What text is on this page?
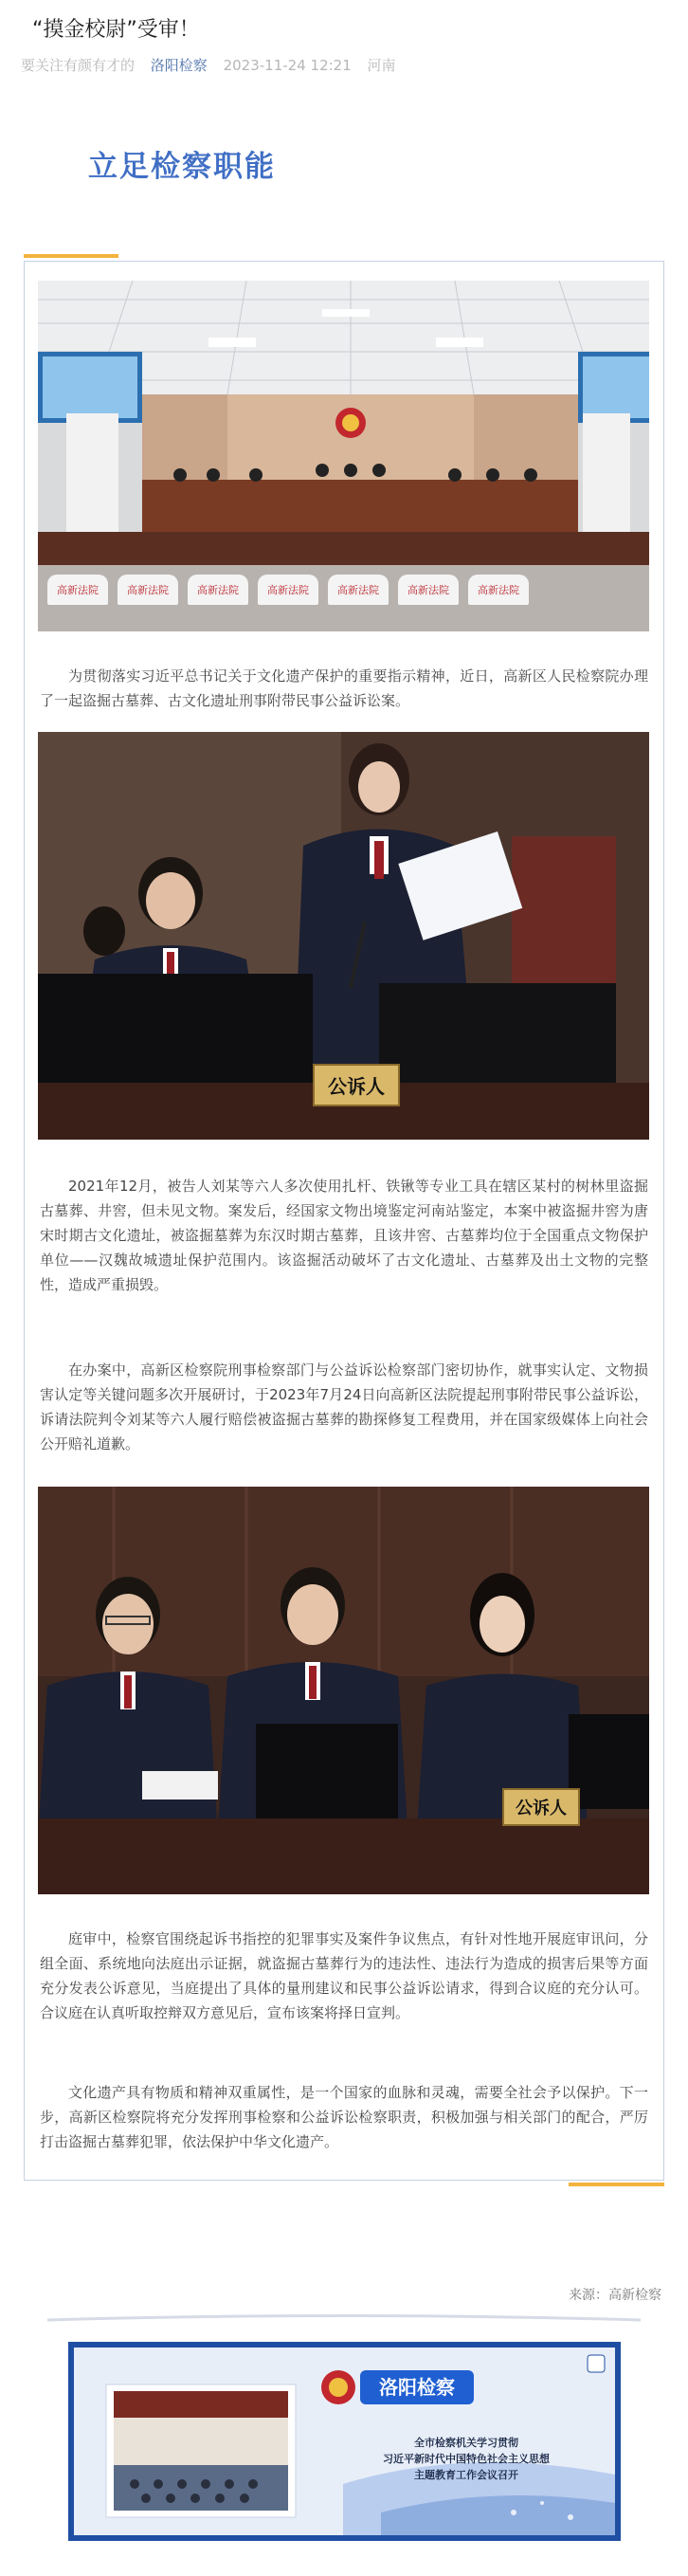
“摸金校尉”受审！
要关注有颜有才的 洛阳检察 2023-11-24 12:21 河南
立足检察职能
高新法院	高新法院	高新法院	高新法院	高新法院	高新法院	高新法院
为贯彻落实习近平总书记关于文化遗产保护的重要指示精神，近日，高新区人民检察院办理了一起盗掘古墓葬、古文化遗址刑事附带民事公益诉讼案。
公诉人
2021年12月，被告人刘某等六人多次使用扎杆、铁锹等专业工具在辖区某村的树林里盗掘古墓葬、井窖，但未见文物。案发后，经国家文物出境鉴定河南站鉴定，本案中被盗掘井窖为唐宋时期古文化遗址，被盗掘墓葬为东汉时期古墓葬，且该井窖、古墓葬均位于全国重点文物保护单位——汉魏故城遗址保护范围内。该盗掘活动破坏了古文化遗址、古墓葬及出土文物的完整性，造成严重损毁。
在办案中，高新区检察院刑事检察部门与公益诉讼检察部门密切协作，就事实认定、文物损害认定等关键问题多次开展研讨，于2023年7月24日向高新区法院提起刑事附带民事公益诉讼，诉请法院判令刘某等六人履行赔偿被盗掘古墓葬的勘探修复工程费用，并在国家级媒体上向社会公开赔礼道歉。
公诉人
庭审中，检察官围绕起诉书指控的犯罪事实及案件争议焦点，有针对性地开展庭审讯问，分组全面、系统地向法庭出示证据，就盗掘古墓葬行为的违法性、违法行为造成的损害后果等方面充分发表公诉意见，当庭提出了具体的量刑建议和民事公益诉讼请求，得到合议庭的充分认可。合议庭在认真听取控辩双方意见后，宣布该案将择日宣判。
文化遗产具有物质和精神双重属性，是一个国家的血脉和灵魂，需要全社会予以保护。下一步，高新区检察院将充分发挥刑事检察和公益诉讼检察职责，积极加强与相关部门的配合，严厉打击盗掘古墓葬犯罪，依法保护中华文化遗产。
来源：高新检察
洛阳检察
全市检察机关学习贯彻
习近平新时代中国特色社会主义思想
主题教育工作会议召开
